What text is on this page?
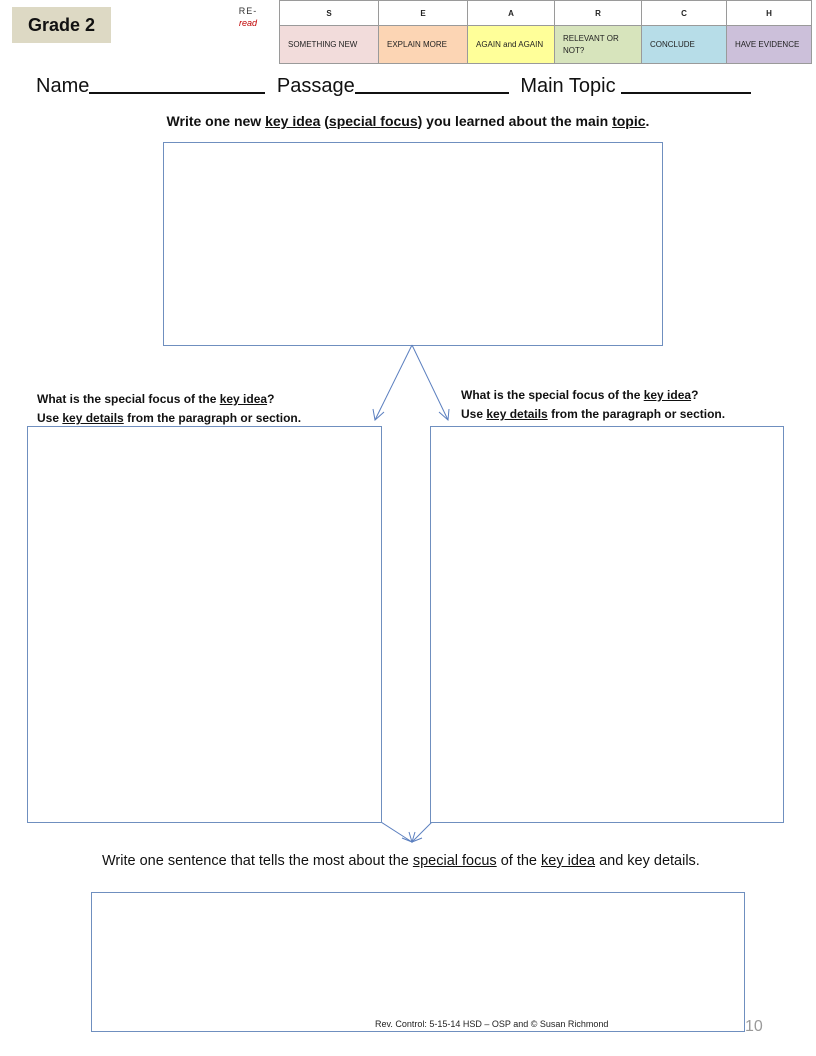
Grade 2
RE-
read
S	E	A	R	C	H
SOMETHING NEW	EXPLAIN MORE	AGAIN and AGAIN	RELEVANT OR NOT?	CONCLUDE	HAVE EVIDENCE
Name	Passage	Main Topic
Write one new key idea (special focus) you learned about the main topic.
What is the special focus of the key idea?
Use key details from the paragraph or section.
What is the special focus of the key idea?
Use key details from the paragraph or section.
Write one sentence that tells the most about the special focus of the key idea and key details.
Rev. Control: 5-15-14 HSD – OSP and © Susan Richmond	10
